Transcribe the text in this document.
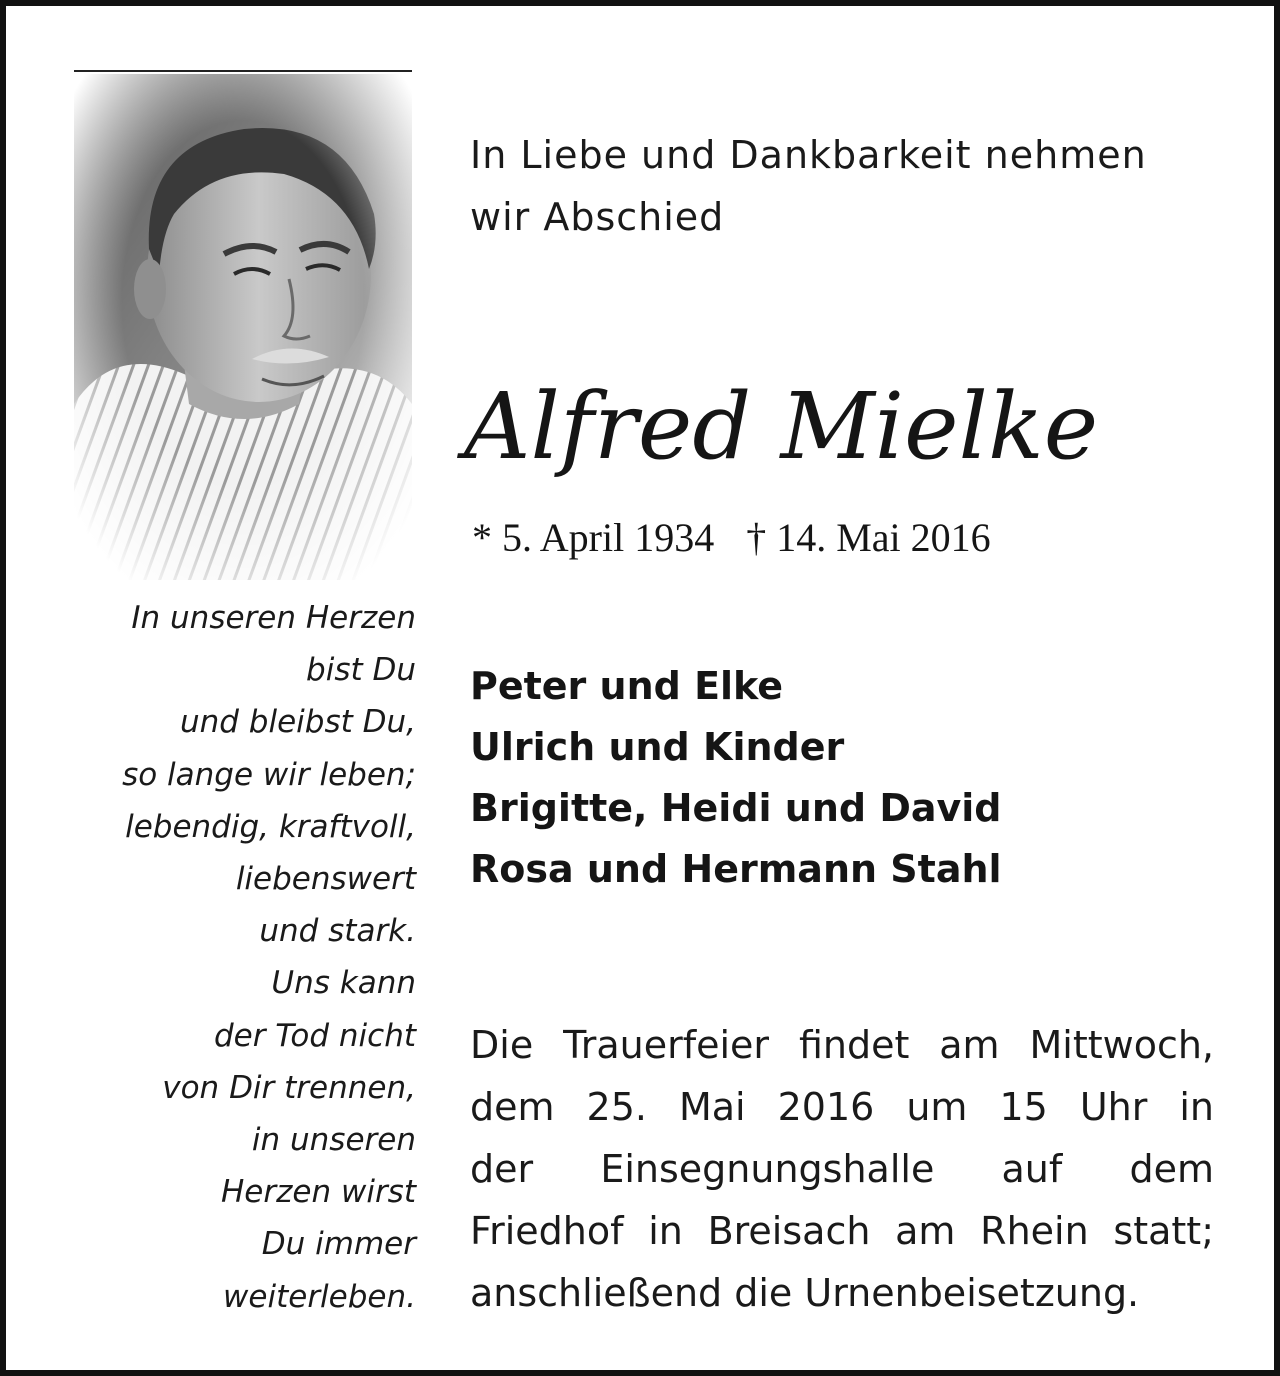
In unseren Herzen
bist Du
und bleibst Du,
so lange wir leben;
lebendig, kraftvoll,
liebenswert
und stark.
Uns kann
der Tod nicht
von Dir trennen,
in unseren
Herzen wirst
Du immer
weiterleben.
In Liebe und Dankbarkeit nehmen
wir Abschied
Alfred Mielke
* 5. April 1934 † 14. Mai 2016
Peter und Elke
Ulrich und Kinder
Brigitte, Heidi und David
Rosa und Hermann Stahl
Die Trauerfeier findet am Mittwoch,
dem 25. Mai 2016 um 15 Uhr in
der Einsegnungshalle auf dem
Friedhof in Breisach am Rhein statt;
anschließend die Urnenbeisetzung.
